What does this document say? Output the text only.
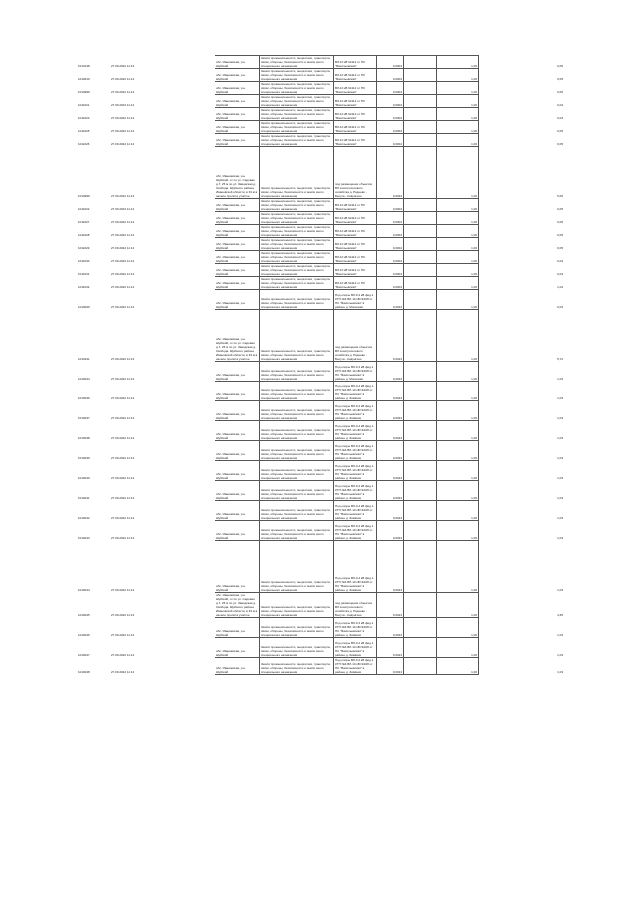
1010138	27.09.2022 11:13		обл. Ивановская, р-н Шуйский	Земли промышленности, энергетики, транспорта, связи, обороны, безопасности и земли иного специального назначения	ВЛ-10 кВ №112 от ПС "Васильевская"	0,0004		1,00		0,05
1010610	27.09.2022 11:14		обл. Ивановская, р-н Шуйский	Земли промышленности, энергетики, транспорта, связи, обороны, безопасности и земли иного специального назначения	ВЛ-10 кВ №112 от ПС "Васильевская"	0,0004		1,00		0,05
1010999	27.09.2022 11:14		обл. Ивановская, р-н Шуйский	Земли промышленности, энергетики, транспорта, связи, обороны, безопасности и земли иного специального назначения	ВЛ-10 кВ №112 от ПС "Васильевская"	0,0004		1,00		0,05
1011021	27.09.2022 11:14		обл. Ивановская, р-н Шуйский	Земли промышленности, энергетики, транспорта, связи, обороны, безопасности и земли иного специального назначения	ВЛ-10 кВ №112 от ПС "Васильевская"	0,0004		1,00		0,04
1011023	27.09.2022 11:14		обл. Ивановская, р-н Шуйский	Земли промышленности, энергетики, транспорта, связи, обороны, безопасности и земли иного специального назначения	ВЛ-10 кВ №112 от ПС "Васильевская"	0,0004		1,00		0,04
1011025	27.09.2022 11:14		обл. Ивановская, р-н Шуйский	Земли промышленности, энергетики, транспорта, связи, обороны, безопасности и земли иного специального назначения	ВЛ-10 кВ №112 от ПС "Васильевская"	0,0004		1,00		0,05
1011026	27.09.2022 11:14		обл. Ивановская, р-н Шуйский	Земли промышленности, энергетики, транспорта, связи, обороны, безопасности и земли иного специального назначения	ВЛ-10 кВ №112 от ПС "Васильевская"	0,0004		1,00		0,05
1010999	27.09.2022 11:13		обл. Ивановская, р-н Шуйский, от по ул. Садовая д.7, 25 м по ул. Заводская д. Свобода. Шуйского района Ивановской области, в 33 м в начале пролёта участке	Земли промышленности, энергетики, транспорта, связи, обороны, безопасности и земли иного специального назначения	под размещение объектов ВЛ электросетевого хозяйства д. Ряднево - Белуга - Ковригино	0,0024		1,00		5,05
1011022	27.09.2022 11:14		обл. Ивановская, р-н Шуйский	Земли промышленности, энергетики, транспорта, связи, обороны, безопасности и земли иного специального назначения	ВЛ-10 кВ №112 от ПС "Васильевская"	0,0004		1,00		0,05
1011027	27.09.2022 11:14		обл. Ивановская, р-н Шуйский	Земли промышленности, энергетики, транспорта, связи, обороны, безопасности и земли иного специального назначения	ВЛ-10 кВ №112 от ПС "Васильевская"	0,0004		1,00		0,05
1011028	27.09.2022 11:14		обл. Ивановская, р-н Шуйский	Земли промышленности, энергетики, транспорта, связи, обороны, безопасности и земли иного специального назначения	ВЛ-10 кВ №112 от ПС "Васильевская"	0,0004		1,00		0,05
1011029	27.09.2022 11:14		обл. Ивановская, р-н Шуйский	Земли промышленности, энергетики, транспорта, связи, обороны, безопасности и земли иного специального назначения	ВЛ-10 кВ №112 от ПС "Васильевская"	0,0004		1,00		0,05
1011030	27.09.2022 11:14		обл. Ивановская, р-н Шуйский	Земли промышленности, энергетики, транспорта, связи, обороны, безопасности и земли иного специального назначения	ВЛ-10 кВ №112 от ПС "Васильевская"	0,0004		1,00		0,04
1011031	27.09.2022 11:14		обл. Ивановская, р-н Шуйский	Земли промышленности, энергетики, транспорта, связи, обороны, безопасности и земли иного специального назначения	ВЛ-10 кВ №112 от ПС "Васильевская"	0,0004		1,00		0,04
1011032	27.09.2022 11:14		обл. Ивановская, р-н Шуйский	Земли промышленности, энергетики, транспорта, связи, обороны, безопасности и земли иного специального назначения	ВЛ-10 кВ №112 от ПС "Васильевская"	0,0004		1,00		1,04
1010000	27.09.2022 11:14		обл. Ивановская, р-н Шуйский	Земли промышленности, энергетики, транспорта, связи, обороны, безопасности и земли иного специального назначения	Под опоры ВЛ-0,4 кВ фид.1 КТП №4 ВЛ-10 кВ №108 от ПС "Васильевская" в районе д. Михалево	0,0024		1,00		0,03
1010341	27.09.2022 11:13		обл. Ивановская, р-н Шуйский, от по ул. Садовая д.7, 25 м по ул. Заводская д. Свобода. Шуйского района Ивановской области, в 33 м в начале пролёта участке	Земли промышленности, энергетики, транспорта, связи, обороны, безопасности и земли иного специального назначения	под размещение объектов ВЛ электросетевого хозяйства д. Ряднево - Белуга - Ковригино	0,0024		1,00		5,72
1010034	27.09.2022 11:13		обл. Ивановская, р-н Шуйский	Земли промышленности, энергетики, транспорта, связи, обороны, безопасности и земли иного специального назначения	Под опоры ВЛ-0,4 кВ фид.1 КТП №4 ВЛ-10 кВ №108 от ПС "Васильевская" в районе д. Михалево	0,0024		1,00		1,03
1010036	27.09.2022 11:14		обл. Ивановская, р-н Шуйский	Земли промышленности, энергетики, транспорта, связи, обороны, безопасности и земли иного специального назначения	Под опоры ВЛ-0,4 кВ фид.1 КТП №4 ВЛ-10 кВ №108 от ПС "Васильевская" в районе д. Зимёнки	0,0024		1,00		1,03
1010037	27.09.2022 11:14		обл. Ивановская, р-н Шуйский	Земли промышленности, энергетики, транспорта, связи, обороны, безопасности и земли иного специального назначения	Под опоры ВЛ-0,4 кВ фид.1 КТП №4 ВЛ-10 кВ №108 от ПС "Васильевская" в районе д. Зимёнки	0,0024		1,00		1,03
1010038	27.09.2022 11:14		обл. Ивановская, р-н Шуйский	Земли промышленности, энергетики, транспорта, связи, обороны, безопасности и земли иного специального назначения	Под опоры ВЛ-0,4 кВ фид.1 КТП №4 ВЛ-10 кВ №108 от ПС "Васильевская" в районе д. Зимёнки	0,0024		1,00		1,03
1010039	27.09.2022 11:14		обл. Ивановская, р-н Шуйский	Земли промышленности, энергетики, транспорта, связи, обороны, безопасности и земли иного специального назначения	Под опоры ВЛ-0,4 кВ фид.1 КТП №4 ВЛ-10 кВ №108 от ПС "Васильевская" в районе д. Зимёнки	0,0024		1,00		1,03
1010040	27.09.2022 11:14		обл. Ивановская, р-н Шуйский	Земли промышленности, энергетики, транспорта, связи, обороны, безопасности и земли иного специального назначения	Под опоры ВЛ-0,4 кВ фид.1 КТП №4 ВЛ-10 кВ №108 от ПС "Васильевская" в районе д. Зимёнки	0,0024		1,00		1,03
1010041	27.09.2022 11:14		обл. Ивановская, р-н Шуйский	Земли промышленности, энергетики, транспорта, связи, обороны, безопасности и земли иного специального назначения	Под опоры ВЛ-0,4 кВ фид.1 КТП №4 ВЛ-10 кВ №108 от ПС "Васильевская" в районе д. Зимёнки	0,0024		1,00		1,03
1010042	27.09.2022 11:14		обл. Ивановская, р-н Шуйский	Земли промышленности, энергетики, транспорта, связи, обороны, безопасности и земли иного специального назначения	Под опоры ВЛ-0,4 кВ фид.1 КТП №4 ВЛ-10 кВ №108 от ПС "Васильевская" в районе д. Зимёнки	0,0024		1,00		1,03
1010043	27.09.2022 11:14		обл. Ивановская, р-н Шуйский	Земли промышленности, энергетики, транспорта, связи, обороны, безопасности и земли иного специального назначения	Под опоры ВЛ-0,4 кВ фид.1 КТП №4 ВЛ-10 кВ №108 от ПС "Васильевская" в районе д. Зимёнки	0,0024		1,00		1,03
1010044	27.09.2022 11:14		обл. Ивановская, р-н Шуйский	Земли промышленности, энергетики, транспорта, связи, обороны, безопасности и земли иного специального назначения	Под опоры ВЛ-0,4 кВ фид.1 КТП №4 ВЛ-10 кВ №108 от ПС "Васильевская" в районе д. Зимёнки	0,0024		1,00		1,03
1010045	27.09.2022 11:13		обл. Ивановская, р-н Шуйский, от по ул. Садовая д.7, 25 м по ул. Заводская д. Свобода. Шуйского района Ивановской области, в 33 м в начале пролёта участке	Земли промышленности, энергетики, транспорта, связи, обороны, безопасности и земли иного специального назначения	под размещение объектов ВЛ электросетевого хозяйства д. Ряднево - Белуга - Ковригино	0,0024		1,00		4,65
1010046	27.09.2022 11:14		обл. Ивановская, р-н Шуйский	Земли промышленности, энергетики, транспорта, связи, обороны, безопасности и земли иного специального назначения	Под опоры ВЛ-0,4 кВ фид.1 КТП №4 ВЛ-10 кВ №108 от ПС "Васильевская" в районе д. Зимёнки	0,0024		1,00		1,03
1010047	27.09.2022 11:14		обл. Ивановская, р-н Шуйский	Земли промышленности, энергетики, транспорта, связи, обороны, безопасности и земли иного специального назначения	Под опоры ВЛ-0,4 кВ фид.1 КТП №4 ВЛ-10 кВ №108 от ПС "Васильевская" в районе д. Зимёнки	0,0024		1,00		1,03
1010048	27.09.2022 11:14		обл. Ивановская, р-н Шуйский	Земли промышленности, энергетики, транспорта, связи, обороны, безопасности и земли иного специального назначения	Под опоры ВЛ-0,4 кВ фид.1 КТП №4 ВЛ-10 кВ №108 от ПС "Васильевская" в районе д. Зимёнки	0,0024		1,00		1,03
